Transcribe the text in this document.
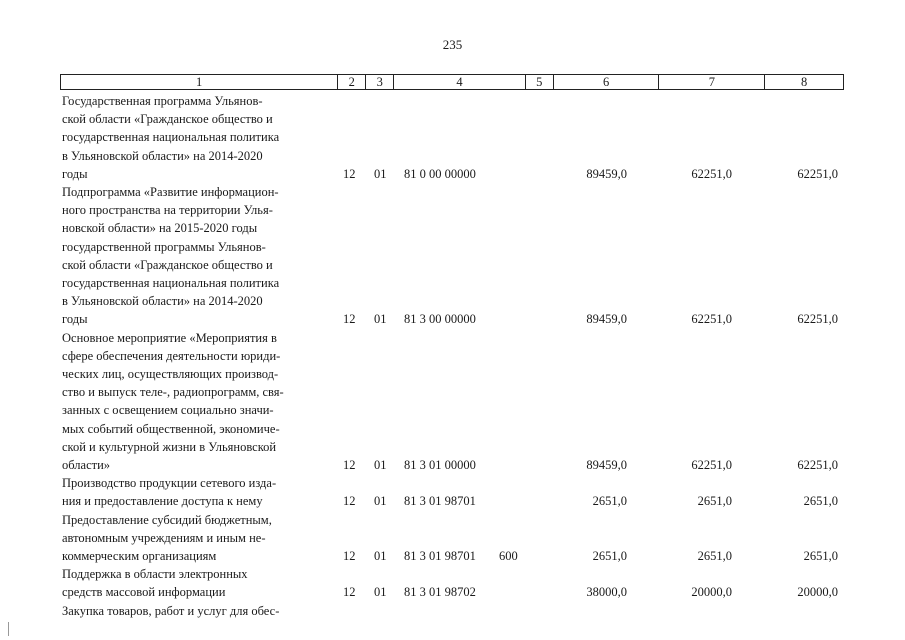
235
1	2	3	4	5	6	7	8
Государственная программа Ульянов-
ской области «Гражданское общество и
государственная национальная политика
в Ульяновской области» на 2014-2020
годы	12 01 81 0 00 00000	89459,0	62251,0	62251,0
Подпрограмма «Развитие информацион-
ного пространства на территории Улья-
новской области» на 2015-2020 годы
государственной программы Ульянов-
ской области «Гражданское общество и
государственная национальная политика
в Ульяновской области» на 2014-2020
годы	12 01 81 3 00 00000	89459,0	62251,0	62251,0
Основное мероприятие «Мероприятия в
сфере обеспечения деятельности юриди-
ческих лиц, осуществляющих производ-
ство и выпуск теле-, радиопрограмм, свя-
занных с освещением социально значи-
мых событий общественной, экономиче-
ской и культурной жизни в Ульяновской
области»	12 01 81 3 01 00000	89459,0	62251,0	62251,0
Производство продукции сетевого изда-
ния и предоставление доступа к нему	12 01 81 3 01 98701	2651,0	2651,0	2651,0
Предоставление субсидий бюджетным,
автономным учреждениям и иным не-
коммерческим организациям	12 01 81 3 01 98701 600	2651,0	2651,0	2651,0
Поддержка в области электронных
средств массовой информации	12 01 81 3 01 98702	38000,0	20000,0	20000,0
Закупка товаров, работ и услуг для обес-
